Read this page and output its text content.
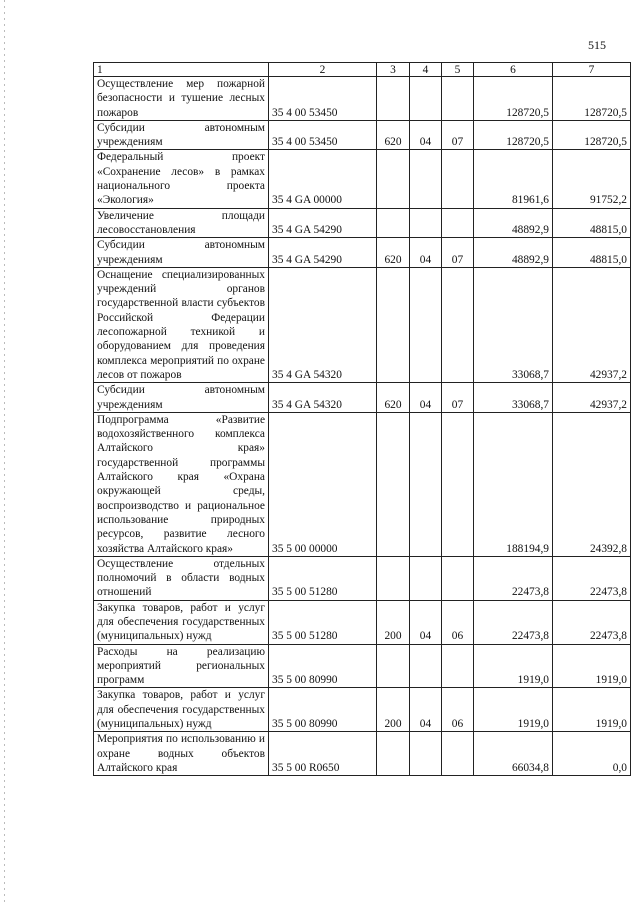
515
1	2	3	4	5	6	7
Осуществление мер пожарной безопасности и тушение лесных пожаров	35 4 00 53450				128720,5	128720,5
Субсидии автономным учреждениям	35 4 00 53450	620	04	07	128720,5	128720,5
Федеральный проект «Сохранение лесов» в рамках национального проекта «Экология»	35 4 GA 00000				81961,6	91752,2
Увеличение площади лесовосстановления	35 4 GA 54290				48892,9	48815,0
Субсидии автономным учреждениям	35 4 GA 54290	620	04	07	48892,9	48815,0
Оснащение специализированных учреждений органов государственной власти субъектов Российской Федерации лесопожарной техникой и оборудованием для проведения комплекса мероприятий по охране лесов от пожаров	35 4 GA 54320				33068,7	42937,2
Субсидии автономным учреждениям	35 4 GA 54320	620	04	07	33068,7	42937,2
Подпрограмма «Развитие водохозяйственного комплекса Алтайского края» государственной программы Алтайского края «Охрана окружающей среды, воспроизводство и рациональное использование природных ресурсов, развитие лесного хозяйства Алтайского края»	35 5 00 00000				188194,9	24392,8
Осуществление отдельных полномочий в области водных отношений	35 5 00 51280				22473,8	22473,8
Закупка товаров, работ и услуг для обеспечения государственных (муниципальных) нужд	35 5 00 51280	200	04	06	22473,8	22473,8
Расходы на реализацию мероприятий региональных программ	35 5 00 80990				1919,0	1919,0
Закупка товаров, работ и услуг для обеспечения государственных (муниципальных) нужд	35 5 00 80990	200	04	06	1919,0	1919,0
Мероприятия по использованию и охране водных объектов Алтайского края	35 5 00 R0650				66034,8	0,0
